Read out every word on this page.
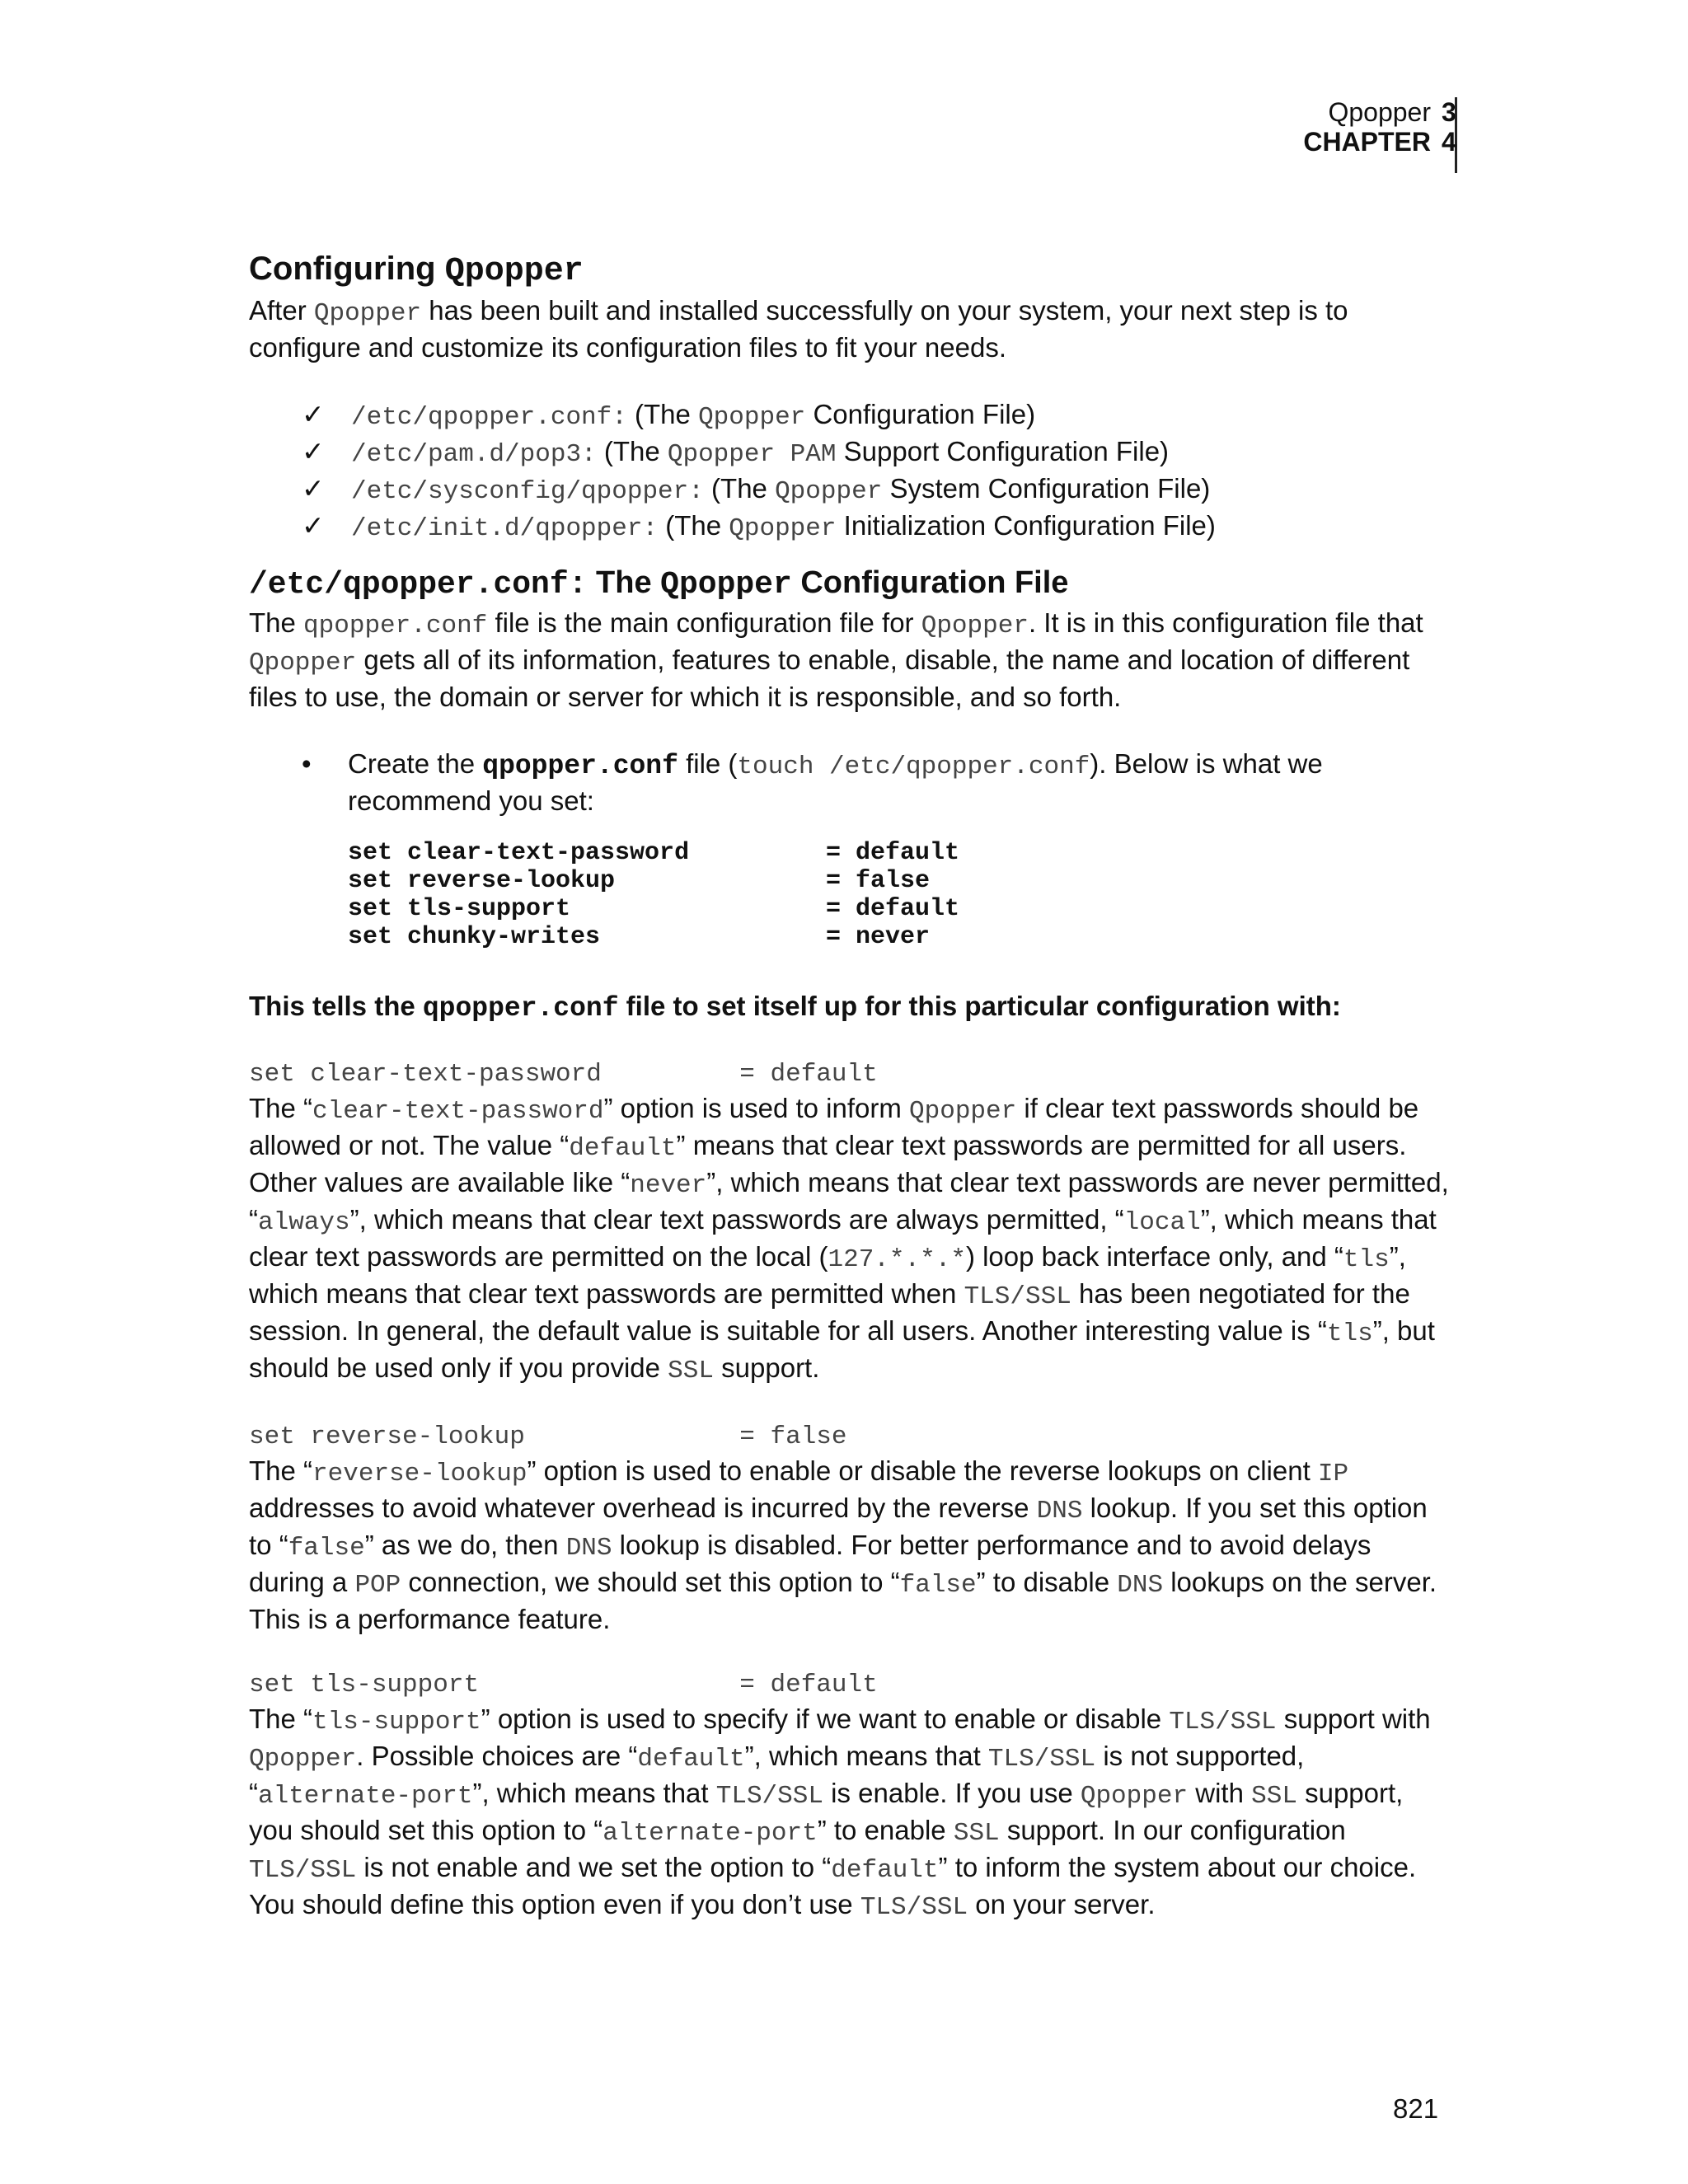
Qpopper
CHAPTER
3
4
Configuring Qpopper

After Qpopper has been built and installed successfully on your system, your next step is to configure and customize its configuration files to fit your needs.

✓ /etc/qpopper.conf: (The Qpopper Configuration File)
✓ /etc/pam.d/pop3: (The Qpopper PAM Support Configuration File)
✓ /etc/sysconfig/qpopper: (The Qpopper System Configuration File)
✓ /etc/init.d/qpopper: (The Qpopper Initialization Configuration File)
/etc/qpopper.conf: The Qpopper Configuration File

The qpopper.conf file is the main configuration file for Qpopper. It is in this configuration file that Qpopper gets all of its information, features to enable, disable, the name and location of different files to use, the domain or server for which it is responsible, and so forth.

• Create the qpopper.conf file (touch /etc/qpopper.conf). Below is what we recommend you set:
set clear-text-password	= default
set reverse-lookup	= false
set tls-support	= default
set chunky-writes	= never

This tells the qpopper.conf file to set itself up for this particular configuration with:

set clear-text-password         = default

The “clear-text-password” option is used to inform Qpopper if clear text passwords should be allowed or not. The value “default” means that clear text passwords are permitted for all users. Other values are available like “never”, which means that clear text passwords are never permitted, “always”, which means that clear text passwords are always permitted, “local”, which means that clear text passwords are permitted on the local (127.*.*.*) loop back interface only, and “tls”, which means that clear text passwords are permitted when TLS/SSL has been negotiated for the session. In general, the default value is suitable for all users. Another interesting value is “tls”, but should be used only if you provide SSL support.

set reverse-lookup              = false

The “reverse-lookup” option is used to enable or disable the reverse lookups on client IP addresses to avoid whatever overhead is incurred by the reverse DNS lookup. If you set this option to “false” as we do, then DNS lookup is disabled. For better performance and to avoid delays during a POP connection, we should set this option to “false” to disable DNS lookups on the server. This is a performance feature.

set tls-support                 = default

The “tls-support” option is used to specify if we want to enable or disable TLS/SSL support with Qpopper. Possible choices are “default”, which means that TLS/SSL is not supported, “alternate-port”, which means that TLS/SSL is enable. If you use Qpopper with SSL support, you should set this option to “alternate-port” to enable SSL support. In our configuration TLS/SSL is not enable and we set the option to “default” to inform the system about our choice. You should define this option even if you don’t use TLS/SSL on your server.

821
